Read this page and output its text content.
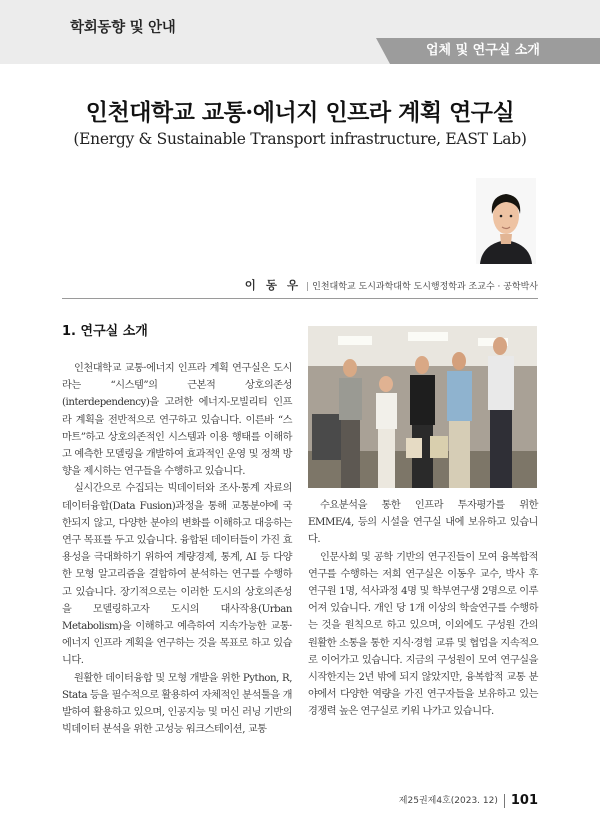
학회동향 및 안내
업체 및 연구실 소개
인천대학교 교통·에너지 인프라 계획 연구실
(Energy & Sustainable Transport infrastructure, EAST Lab)
이 동 우 | 인천대학교 도시과학대학 도시행정학과 조교수 · 공학박사
1. 연구실 소개

인천대학교 교통·에너지 인프라 계획 연구실은 도시라는 “시스템”의 근본적 상호의존성 (interdependency)을 고려한 에너지-모빌리티 인프라 계획을 전반적으로 연구하고 있습니다. 이른바 “스마트”하고 상호의존적인 시스템과 이용 행태를 이해하고 예측한 모델링을 개발하여 효과적인 운영 및 정책 방향을 제시하는 연구들을 수행하고 있습니다.

실시간으로 수집되는 빅데이터와 조사·통계 자료의 데이터융합(Data Fusion)과정을 통해 교통분야에 국한되지 않고, 다양한 분야의 변화를 이해하고 대응하는 연구 목표를 두고 있습니다. 융합된 데이터들이 가진 효용성을 극대화하기 위하여 계량경제, 통계, AI 등 다양한 모형 알고리즘을 결합하여 분석하는 연구를 수행하고 있습니다. 장기적으로는 이러한 도시의 상호의존성을 모델링하고자 도시의 대사작용(Urban Metabolism)을 이해하고 예측하여 지속가능한 교통·에너지 인프라 계획을 연구하는 것을 목표로 하고 있습니다.

원활한 데이터융합 및 모형 개발을 위한 Python, R, Stata 등을 필수적으로 활용하여 자체적인 분석툴을 개발하여 활용하고 있으며, 인공지능 및 머신 러닝 기반의 빅데이터 분석을 위한 고성능 워크스테이션, 교통

수요분석을 통한 인프라 투자평가를 위한 EMME/4, 등의 시설을 연구실 내에 보유하고 있습니다.

인문사회 및 공학 기반의 연구진들이 모여 융복합적 연구를 수행하는 저희 연구실은 이동우 교수, 박사 후 연구원 1명, 석사과정 4명 및 학부연구생 2명으로 이루어져 있습니다. 개인 당 1개 이상의 학술연구를 수행하는 것을 원칙으로 하고 있으며, 이외에도 구성원 간의 원활한 소통을 통한 지식·경험 교류 및 협업을 지속적으로 이어가고 있습니다. 지금의 구성원이 모여 연구실을 시작한지는 2년 밖에 되지 않았지만, 융복합적 교통 분야에서 다양한 역량을 가진 연구자들을 보유하고 있는 경쟁력 높은 연구실로 키워 나가고 있습니다.

제25권제4호(2023. 12) 101
